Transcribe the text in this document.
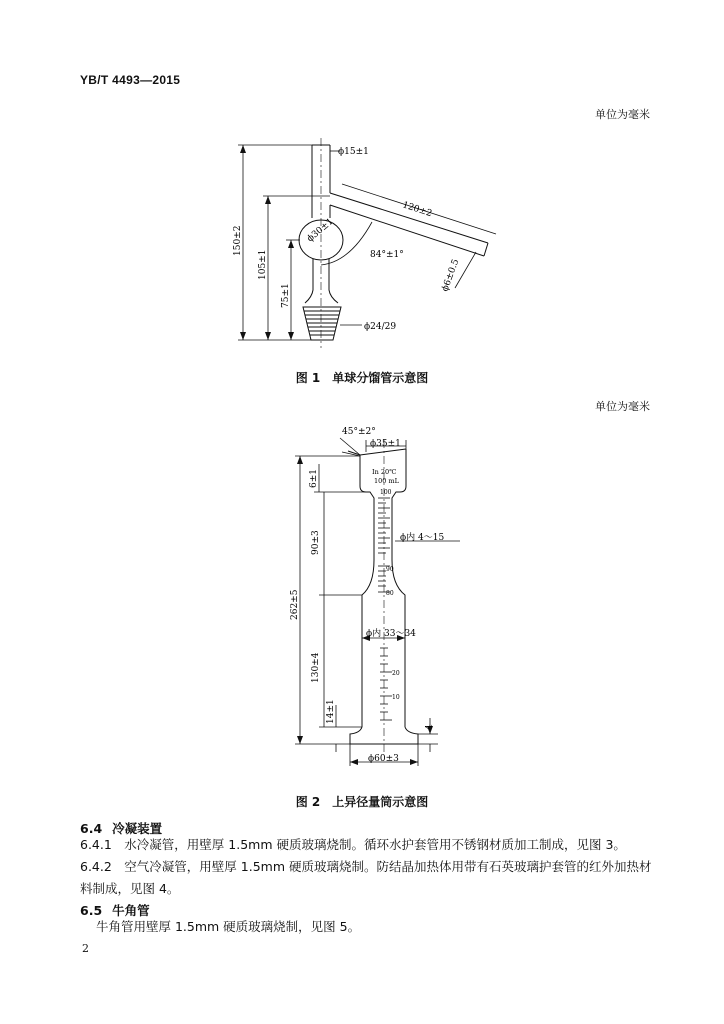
YB/T 4493—2015
单位为毫米
ϕ15±1
120±2
ϕ30±1
84°±1°
ϕ6±0.5
150±2
105±1
75±1
ϕ24/29
图 1　单球分馏管示意图
单位为毫米
45°±2°
ϕ35±1
In 20℃
100 mL
100
ϕ内 4～15
90
80
ϕ内 33～34
20
10
6±1
90±3
262±5
130±4
14±1
4
ϕ60±3
图 2　上异径量筒示意图
6.4 冷凝装置
6.4.1　水冷凝管，用壁厚 1.5mm 硬质玻璃烧制。循环水护套管用不锈钢材质加工制成，见图 3。
6.4.2　空气冷凝管，用壁厚 1.5mm 硬质玻璃烧制。防结晶加热体用带有石英玻璃护套管的红外加热材料制成，见图 4。
6.5 牛角管
牛角管用壁厚 1.5mm 硬质玻璃烧制，见图 5。
2
